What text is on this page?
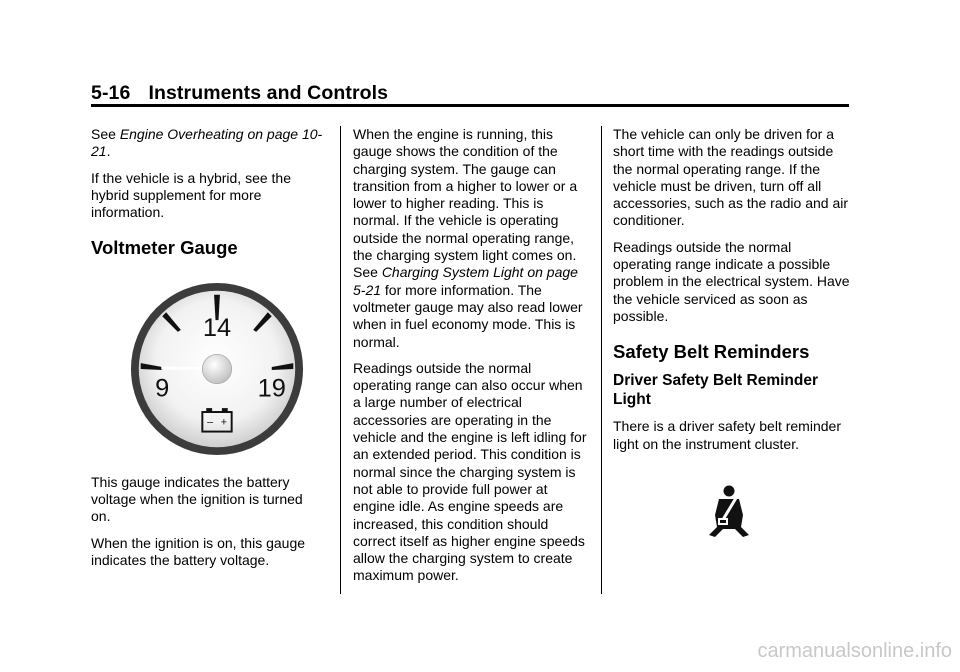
5-16 Instruments and Controls

See Engine Overheating on page 10-21.

If the vehicle is a hybrid, see the hybrid supplement for more information.

Voltmeter Gauge
14
9	19
– +

This gauge indicates the battery voltage when the ignition is turned on.

When the ignition is on, this gauge indicates the battery voltage.

When the engine is running, this gauge shows the condition of the charging system. The gauge can transition from a higher to lower or a lower to higher reading. This is normal. If the vehicle is operating outside the normal operating range, the charging system light comes on. See Charging System Light on page 5-21 for more information. The voltmeter gauge may also read lower when in fuel economy mode. This is normal.

Readings outside the normal operating range can also occur when a large number of electrical accessories are operating in the vehicle and the engine is left idling for an extended period. This condition is normal since the charging system is not able to provide full power at engine idle. As engine speeds are increased, this condition should correct itself as higher engine speeds allow the charging system to create maximum power.

The vehicle can only be driven for a short time with the readings outside the normal operating range. If the vehicle must be driven, turn off all accessories, such as the radio and air conditioner.

Readings outside the normal operating range indicate a possible problem in the electrical system. Have the vehicle serviced as soon as possible.

Safety Belt Reminders
Driver Safety Belt Reminder Light

There is a driver safety belt reminder light on the instrument cluster.

carmanualsonline.info
